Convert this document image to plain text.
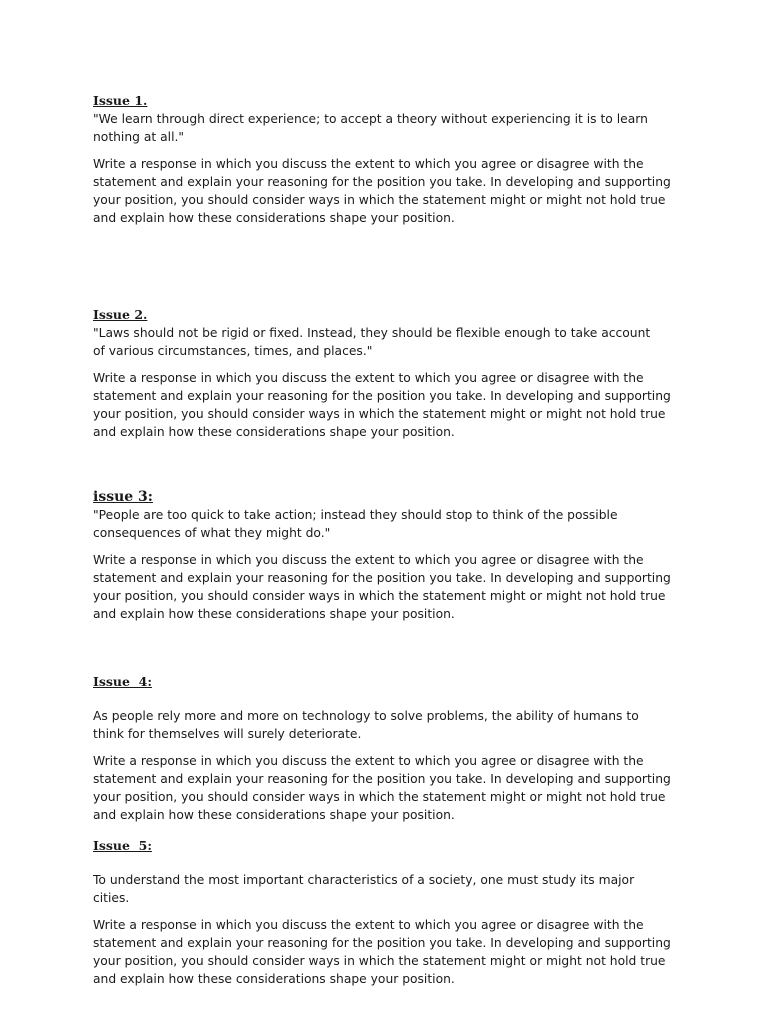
Issue 1.

"We learn through direct experience; to accept a theory without experiencing it is to learn nothing at all."

Write a response in which you discuss the extent to which you agree or disagree with the statement and explain your reasoning for the position you take. In developing and supporting your position, you should consider ways in which the statement might or might not hold true and explain how these considerations shape your position.

Issue 2.

"Laws should not be rigid or fixed. Instead, they should be flexible enough to take account of various circumstances, times, and places."

Write a response in which you discuss the extent to which you agree or disagree with the statement and explain your reasoning for the position you take. In developing and supporting your position, you should consider ways in which the statement might or might not hold true and explain how these considerations shape your position.

issue 3:

"People are too quick to take action; instead they should stop to think of the possible consequences of what they might do."

Write a response in which you discuss the extent to which you agree or disagree with the statement and explain your reasoning for the position you take. In developing and supporting your position, you should consider ways in which the statement might or might not hold true and explain how these considerations shape your position.

Issue  4:

As people rely more and more on technology to solve problems, the ability of humans to think for themselves will surely deteriorate.

Write a response in which you discuss the extent to which you agree or disagree with the statement and explain your reasoning for the position you take. In developing and supporting your position, you should consider ways in which the statement might or might not hold true and explain how these considerations shape your position.

Issue  5:

To understand the most important characteristics of a society, one must study its major cities.

Write a response in which you discuss the extent to which you agree or disagree with the statement and explain your reasoning for the position you take. In developing and supporting your position, you should consider ways in which the statement might or might not hold true and explain how these considerations shape your position.
